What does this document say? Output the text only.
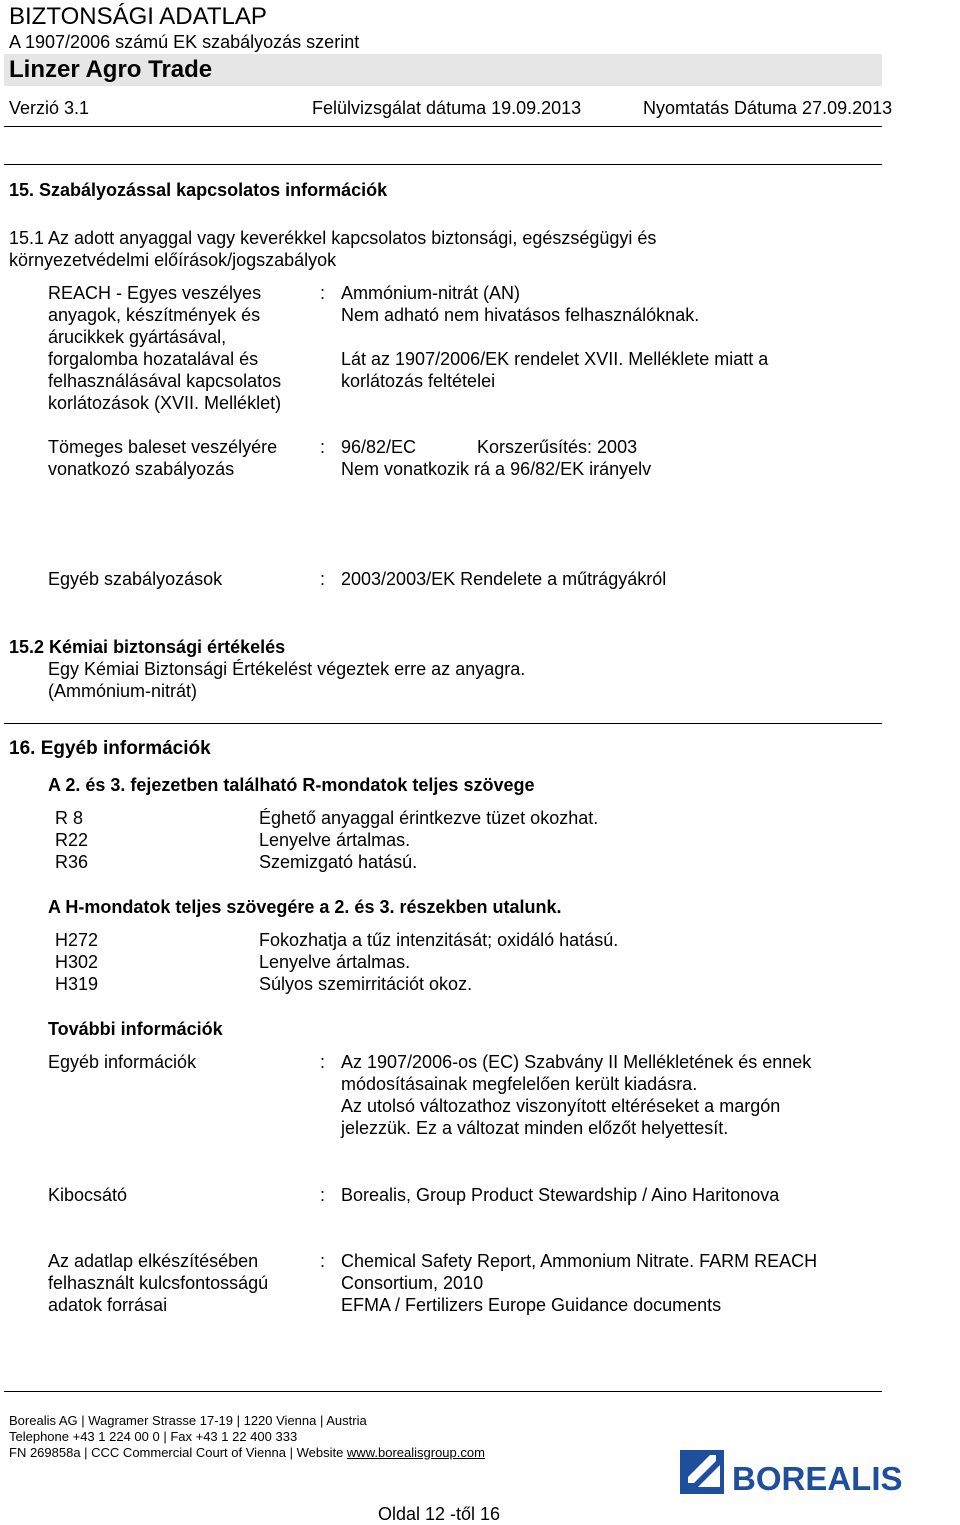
BIZTONSÁGI ADATLAP
A 1907/2006 számú EK szabályozás szerint
Linzer Agro Trade
Verzió 3.1	Felülvizsgálat dátuma 19.09.2013	Nyomtatás Dátuma 27.09.2013
15. Szabályozással kapcsolatos információk
15.1 Az adott anyaggal vagy keverékkel kapcsolatos biztonsági, egészségügyi és
környezetvédelmi előírások/jogszabályok
REACH - Egyes veszélyes
anyagok, készítmények és
árucikkek gyártásával,
forgalomba hozatalával és
felhasználásával kapcsolatos
korlátozások (XVII. Melléklet)
: Ammónium-nitrát (AN)
Nem adható nem hivatásos felhasználóknak.
Lát az 1907/2006/EK rendelet XVII. Melléklete miatt a
korlátozás feltételei
Tömeges baleset veszélyére
vonatkozó szabályozás
: 96/82/EC	Korszerűsítés: 2003
Nem vonatkozik rá a 96/82/EK irányelv
Egyéb szabályozások	: 2003/2003/EK Rendelete a műtrágyákról
15.2 Kémiai biztonsági értékelés
Egy Kémiai Biztonsági Értékelést végeztek erre az anyagra.
(Ammónium-nitrát)
16. Egyéb információk
A 2. és 3. fejezetben található R-mondatok teljes szövege
R 8	Éghető anyaggal érintkezve tüzet okozhat.
R22	Lenyelve ártalmas.
R36	Szemizgató hatású.
A H-mondatok teljes szövegére a 2. és 3. részekben utalunk.
H272	Fokozhatja a tűz intenzitását; oxidáló hatású.
H302	Lenyelve ártalmas.
H319	Súlyos szemirritációt okoz.
További információk
Egyéb információk	: Az 1907/2006-os (EC) Szabvány II Mellékletének és ennek
módosításainak megfelelően került kiadásra.
Az utolsó változathoz viszonyított eltéréseket a margón
jelezzük. Ez a változat minden előzőt helyettesít.
Kibocsátó	: Borealis, Group Product Stewardship / Aino Haritonova
Az adatlap elkészítésében
felhasznált kulcsfontosságú
adatok forrásai
: Chemical Safety Report, Ammonium Nitrate. FARM REACH
Consortium, 2010
EFMA / Fertilizers Europe Guidance documents
Borealis AG | Wagramer Strasse 17-19 | 1220 Vienna | Austria
Telephone +43 1 224 00 0 | Fax +43 1 22 400 333
FN 269858a | CCC Commercial Court of Vienna | Website www.borealisgroup.com
BOREALIS
Oldal 12 -től 16
